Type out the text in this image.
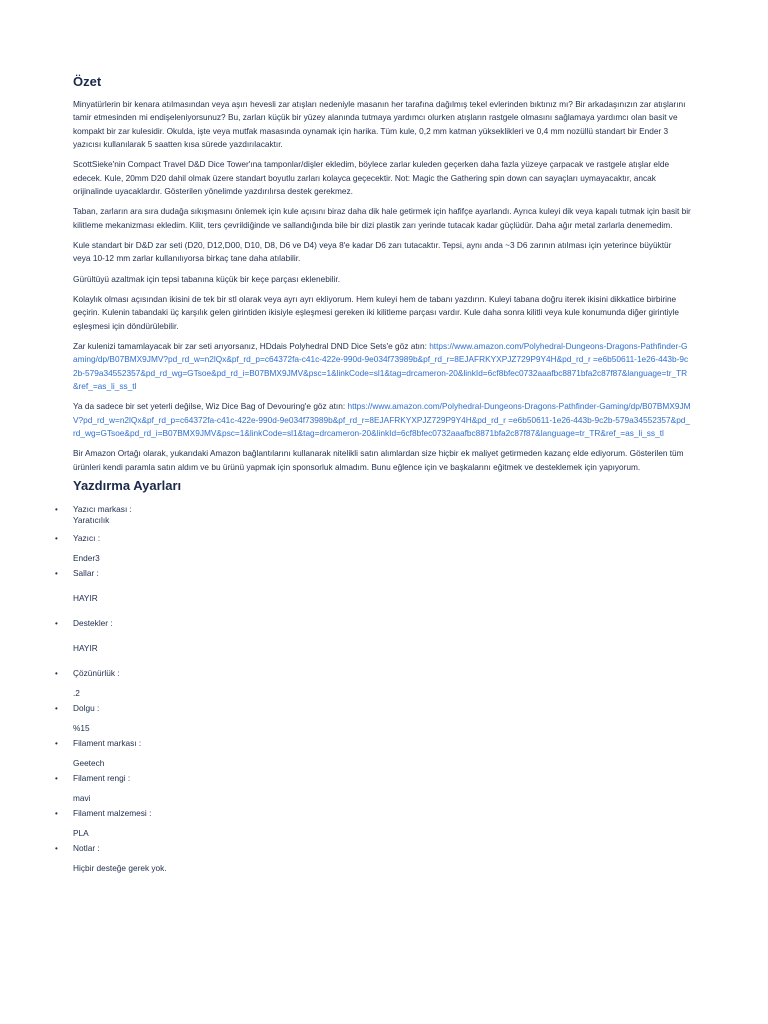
Özet

Minyatürlerin bir kenara atılmasından veya aşırı hevesli zar atışları nedeniyle masanın her tarafına dağılmış tekel evlerinden bıktınız mı? Bir arkadaşınızın zar atışlarını tamir etmesinden mi endişeleniyorsunuz? Bu, zarları küçük bir yüzey alanında tutmaya yardımcı olurken atışların rastgele olmasını sağlamaya yardımcı olan basit ve kompakt bir zar kulesidir. Okulda, işte veya mutfak masasında oynamak için harika. Tüm kule, 0,2 mm katman yükseklikleri ve 0,4 mm nozüllü standart bir Ender 3 yazıcısı kullanılarak 5 saatten kısa sürede yazdırılacaktır.

ScottSieke'nin Compact Travel D&D Dice Tower'ına tamponlar/dişler ekledim, böylece zarlar kuleden geçerken daha fazla yüzeye çarpacak ve rastgele atışlar elde edecek. Kule, 20mm D20 dahil olmak üzere standart boyutlu zarları kolayca geçecektir. Not: Magic the Gathering spin down can sayaçları uymayacaktır, ancak orijinalinde uyacaklardır. Gösterilen yönelimde yazdırılırsa destek gerekmez.

Taban, zarların ara sıra dudağa sıkışmasını önlemek için kule açısını biraz daha dik hale getirmek için hafifçe ayarlandı. Ayrıca kuleyi dik veya kapalı tutmak için basit bir kilitleme mekanizması ekledim. Kilit, ters çevrildiğinde ve sallandığında bile bir dizi plastik zarı yerinde tutacak kadar güçlüdür. Daha ağır metal zarlarla denemedim.

Kule standart bir D&D zar seti (D20, D12,D00, D10, D8, D6 ve D4) veya 8'e kadar D6 zarı tutacaktır. Tepsi, aynı anda ~3 D6 zarının atılması için yeterince büyüktür veya 10-12 mm zarlar kullanılıyorsa birkaç tane daha atılabilir.

Gürültüyü azaltmak için tepsi tabanına küçük bir keçe parçası eklenebilir.

Kolaylık olması açısından ikisini de tek bir stl olarak veya ayrı ayrı ekliyorum. Hem kuleyi hem de tabanı yazdırın. Kuleyi tabana doğru iterek ikisini dikkatlice birbirine geçirin. Kulenin tabandaki üç karşılık gelen girintiden ikisiyle eşleşmesi gereken iki kilitleme parçası vardır. Kule daha sonra kilitli veya kule konumunda diğer girintiyle eşleşmesi için döndürülebilir.

Zar kulenizi tamamlayacak bir zar seti arıyorsanız, HDdais Polyhedral DND Dice Sets'e göz atın: https://www.amazon.com/Polyhedral-Dungeons-Dragons-Pathfinder-Gaming/dp/B07BMX9JMV?pd_rd_w=n2lQx&pf_rd_p=c64372fa-c41c-422e-990d-9e034f73989b&pf_rd_r=8EJAFRKYXPJZ729P9Y4H&pd_rd_r =e6b50611-1e26-443b-9c2b-579a34552357&pd_rd_wg=GTsoe&pd_rd_i=B07BMX9JMV&psc=1&linkCode=sl1&tag=drcameron-20&linkId=6cf8bfec0732aaafbc8871bfa2c87f87&language=tr_TR&ref_=as_li_ss_tl

Ya da sadece bir set yeterli değilse, Wiz Dice Bag of Devouring'e göz atın: https://www.amazon.com/Polyhedral-Dungeons-Dragons-Pathfinder-Gaming/dp/B07BMX9JMV?pd_rd_w=n2lQx&pf_rd_p=c64372fa-c41c-422e-990d-9e034f73989b&pf_rd_r=8EJAFRKYXPJZ729P9Y4H&pd_rd_r =e6b50611-1e26-443b-9c2b-579a34552357&pd_rd_wg=GTsoe&pd_rd_i=B07BMX9JMV&psc=1&linkCode=sl1&tag=drcameron-20&linkId=6cf8bfec0732aaafbc8871bfa2c87f87&language=tr_TR&ref_=as_li_ss_tl

Bir Amazon Ortağı olarak, yukarıdaki Amazon bağlantılarını kullanarak nitelikli satın alımlardan size hiçbir ek maliyet getirmeden kazanç elde ediyorum. Gösterilen tüm ürünleri kendi paramla satın aldım ve bu ürünü yapmak için sponsorluk almadım. Bunu eğlence için ve başkalarını eğitmek ve desteklemek için yapıyorum.

Yazdırma Ayarları
• Yazıcı markası :
Yaratıcılık
• Yazıcı :
Ender3
• Sallar :
HAYIR
• Destekler :
HAYIR
• Çözünürlük :
.2
• Dolgu :
%15
• Filament markası :
Geetech
• Filament rengi :
mavi
• Filament malzemesi :
PLA
• Notlar :
Hiçbir desteğe gerek yok.
